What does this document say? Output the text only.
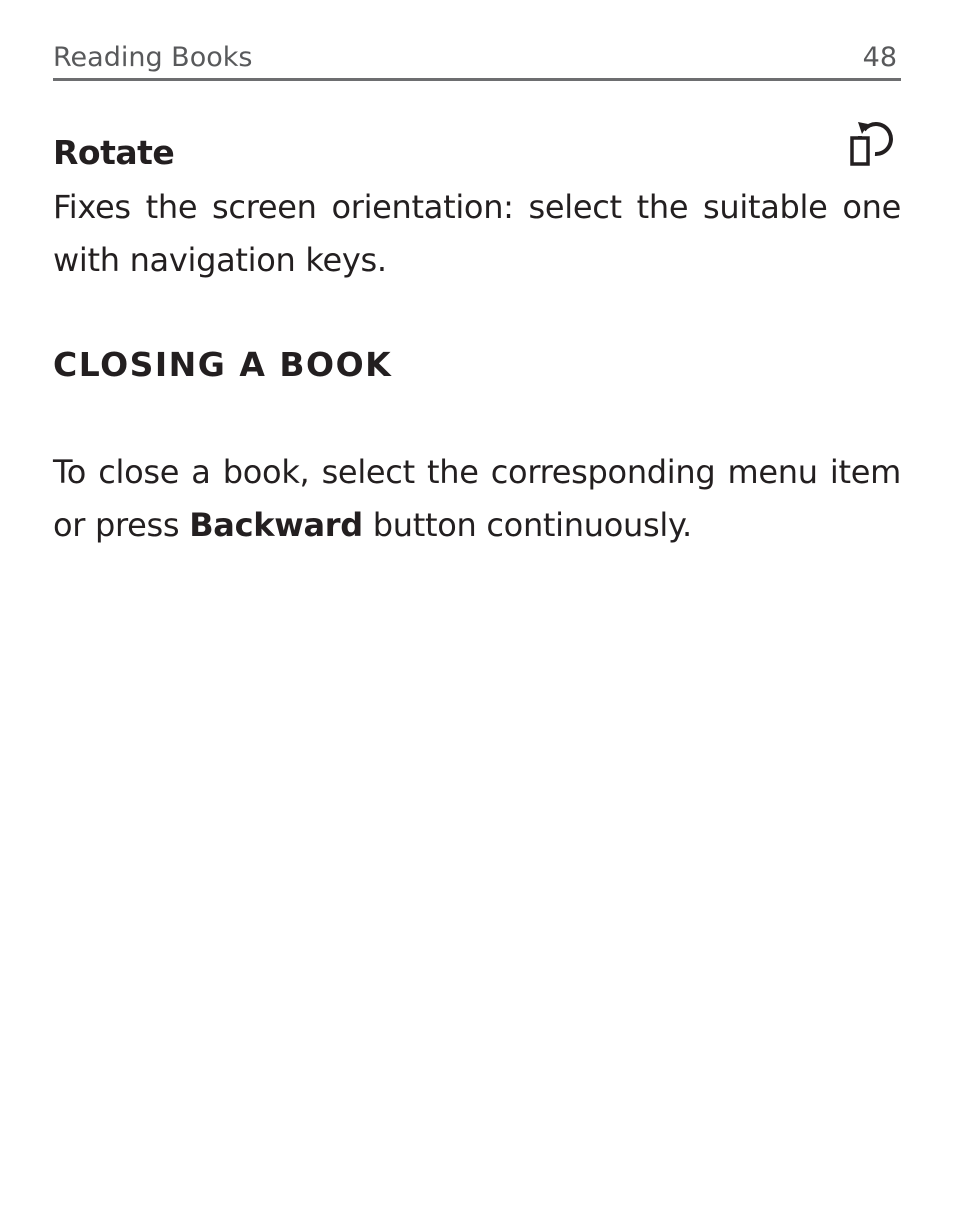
Reading Books	48
Rotate

Fixes the screen orientation: select the suitable one with navigation keys.

CLOSING A BOOK

To close a book, select the corresponding menu item or press Backward button continuously.
